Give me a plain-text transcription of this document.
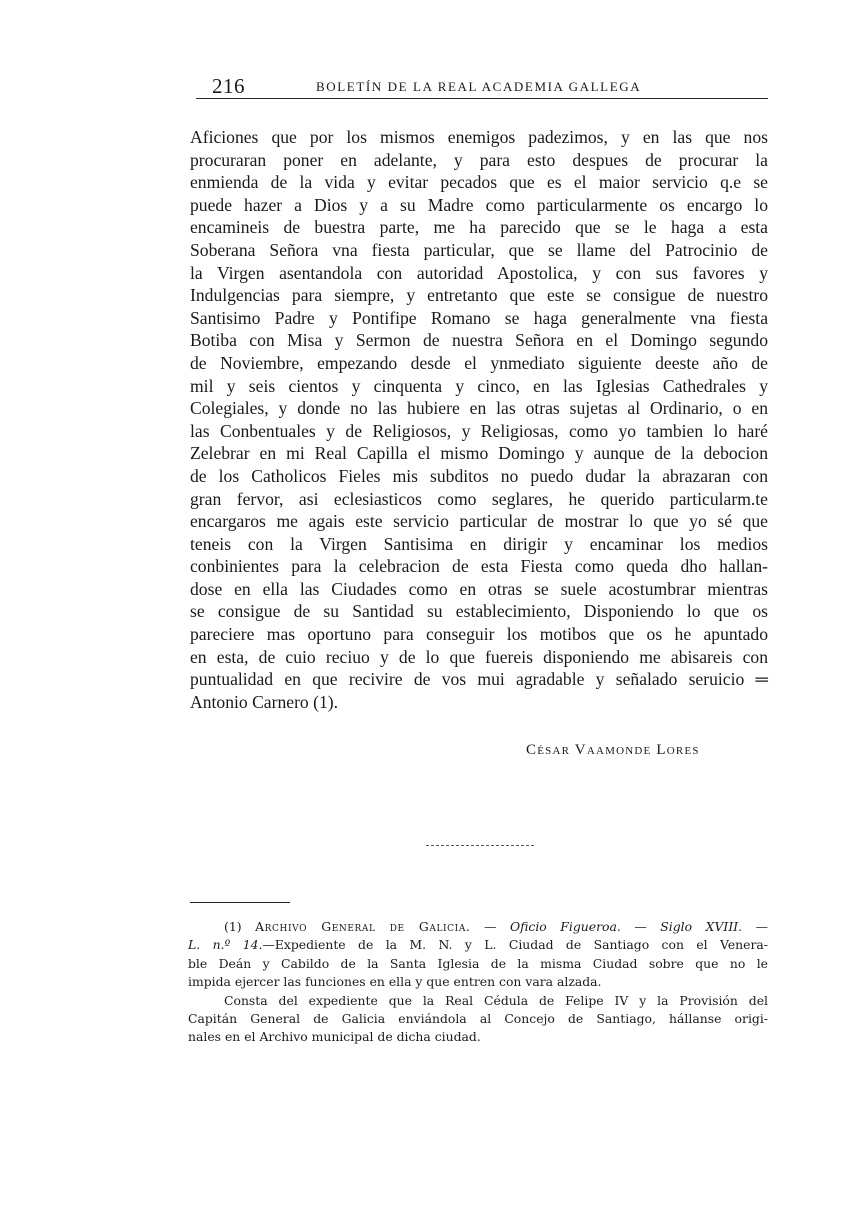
216	BOLETÍN DE LA REAL ACADEMIA GALLEGA
Aficiones que por los mismos enemigos padezimos, y en las que nos
procuraran poner en adelante, y para esto despues de procurar la
enmienda de la vida y evitar pecados que es el maior servicio q.e se
puede hazer a Dios y a su Madre como particularmente os encargo lo
encamineis de buestra parte, me ha parecido que se le haga a esta
Soberana Señora vna fiesta particular, que se llame del Patrocinio de
la Virgen asentandola con autoridad Apostolica, y con sus favores y
Indulgencias para siempre, y entretanto que este se consigue de nuestro
Santisimo Padre y Pontifipe Romano se haga generalmente vna fiesta
Botiba con Misa y Sermon de nuestra Señora en el Domingo segundo
de Noviembre, empezando desde el ynmediato siguiente deeste año de
mil y seis cientos y cinquenta y cinco, en las Iglesias Cathedrales y
Colegiales, y donde no las hubiere en las otras sujetas al Ordinario, o en
las Conbentuales y de Religiosos, y Religiosas, como yo tambien lo haré
Zelebrar en mi Real Capilla el mismo Domingo y aunque de la debocion
de los Catholicos Fieles mis subditos no puedo dudar la abrazaran con
gran fervor, asi eclesiasticos como seglares, he querido particularm.te
encargaros me agais este servicio particular de mostrar lo que yo sé que
teneis con la Virgen Santisima en dirigir y encaminar los medios
conbinientes para la celebracion de esta Fiesta como queda dho hallan-
dose en ella las Ciudades como en otras se suele acostumbrar mientras
se consigue de su Santidad su establecimiento, Disponiendo lo que os
pareciere mas oportuno para conseguir los motibos que os he apuntado
en esta, de cuio reciuo y de lo que fuereis disponiendo me abisareis con
puntualidad en que recivire de vos mui agradable y señalado seruicio ═
Antonio Carnero (1).
César Vaamonde Lores
(1) Archivo General de Galicia. — Oficio Figueroa. — Siglo XVIII. —
L. n.º 14.—Expediente de la M. N. y L. Ciudad de Santiago con el Venera-
ble Deán y Cabildo de la Santa Iglesia de la misma Ciudad sobre que no le
impida ejercer las funciones en ella y que entren con vara alzada.
Consta del expediente que la Real Cédula de Felipe IV y la Provisión del
Capitán General de Galicia enviándola al Concejo de Santiago, hállanse origi-
nales en el Archivo municipal de dicha ciudad.
